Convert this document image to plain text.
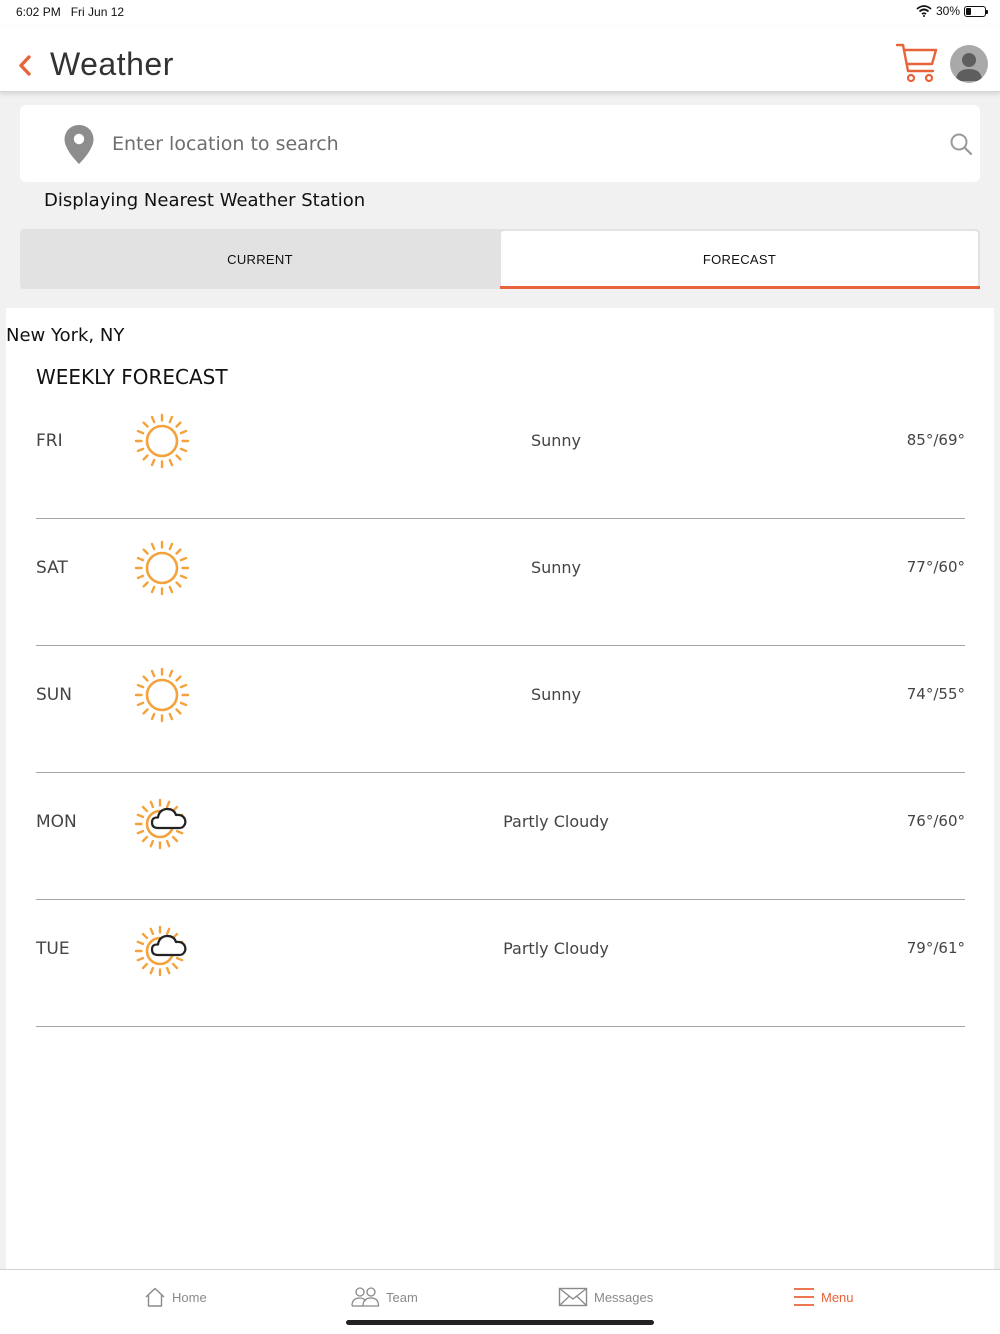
6:02 PM Fri Jun 12	30%
Weather
Enter location to search
Displaying Nearest Weather Station
CURRENT	FORECAST
New York, NY
WEEKLY FORECAST
FRI	Sunny	85°/69°
SAT	Sunny	77°/60°
SUN	Sunny	74°/55°
MON	Partly Cloudy	76°/60°
TUE	Partly Cloudy	79°/61°
Home	Team	Messages	Menu
